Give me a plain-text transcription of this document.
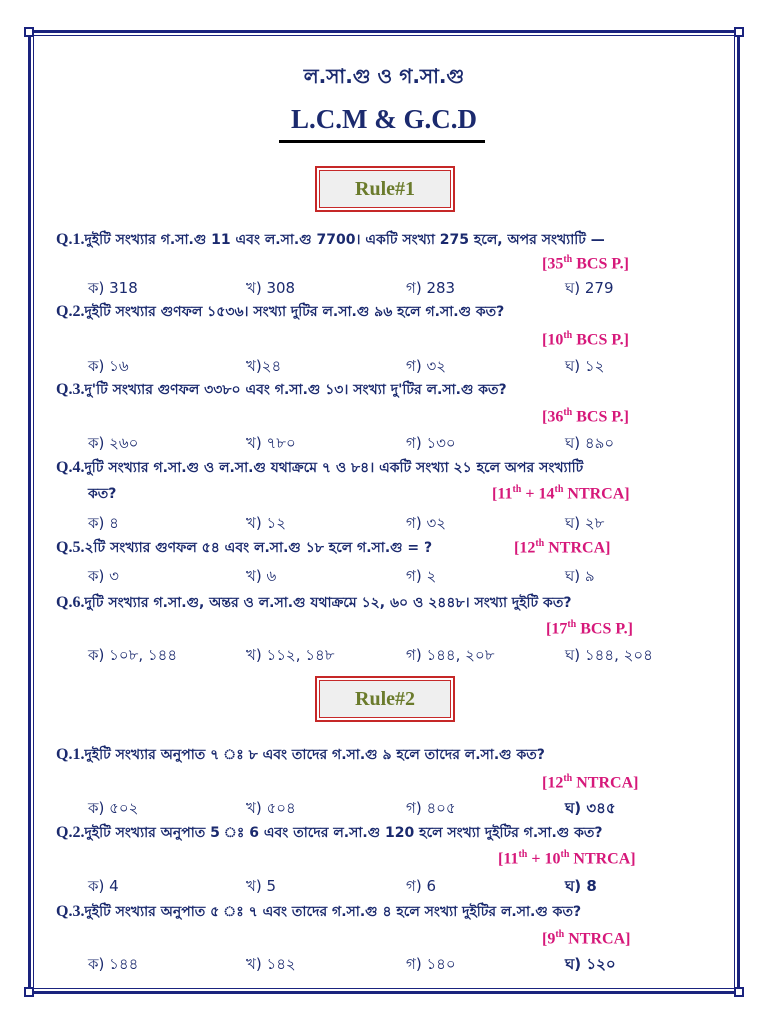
ল.সা.গু ও গ.সা.গু
L.C.M & G.C.D
Rule#1
Q.1.দুইটি সংখ্যার গ.সা.গু 11 এবং ল.সা.গু 7700। একটি সংখ্যা 275 হলে, অপর সংখ্যাটি —
[35th BCS P.]
ক) 318	খ) 308	গ) 283	ঘ) 279
Q.2.দুইটি সংখ্যার গুণফল ১৫৩৬। সংখ্যা দুটির ল.সা.গু ৯৬ হলে গ.সা.গু কত?
[10th BCS P.]
ক) ১৬	খ)২৪	গ) ৩২	ঘ) ১২
Q.3.দু'টি সংখ্যার গুণফল ৩৩৮০ এবং গ.সা.গু ১৩। সংখ্যা দু'টির ল.সা.গু কত?
[36th BCS P.]
ক) ২৬০	খ) ৭৮০	গ) ১৩০	ঘ) ৪৯০
Q.4.দুটি সংখ্যার গ.সা.গু ও ল.সা.গু যথাক্রমে ৭ ও ৮৪। একটি সংখ্যা ২১ হলে অপর সংখ্যাটি
কত?	[11th + 14th NTRCA]
ক) ৪	খ) ১২	গ) ৩২	ঘ) ২৮
Q.5.২টি সংখ্যার গুণফল ৫৪ এবং ল.সা.গু ১৮ হলে গ.সা.গু = ?	[12th NTRCA]
ক) ৩	খ) ৬	গ) ২	ঘ) ৯
Q.6.দুটি সংখ্যার গ.সা.গু, অন্তর ও ল.সা.গু যথাক্রমে ১২, ৬০ ও ২৪৪৮। সংখ্যা দুইটি কত?
[17th BCS P.]
ক) ১০৮, ১৪৪	খ) ১১২, ১৪৮	গ) ১৪৪, ২০৮	ঘ) ১৪৪, ২০৪
Rule#2
Q.1.দুইটি সংখ্যার অনুপাত ৭ ঃ ৮ এবং তাদের গ.সা.গু ৯ হলে তাদের ল.সা.গু কত?
[12th NTRCA]
ক) ৫০২	খ) ৫০৪	গ) ৪০৫	ঘ) ৩৪৫
Q.2.দুইটি সংখ্যার অনুপাত 5 ঃ 6 এবং তাদের ল.সা.গু 120 হলে সংখ্যা দুইটির গ.সা.গু কত?
[11th + 10th NTRCA]
ক) 4	খ) 5	গ) 6	ঘ) 8
Q.3.দুইটি সংখ্যার অনুপাত ৫ ঃ ৭ এবং তাদের গ.সা.গু ৪ হলে সংখ্যা দুইটির ল.সা.গু কত?
[9th NTRCA]
ক) ১৪৪	খ) ১৪২	গ) ১৪০	ঘ) ১২০
